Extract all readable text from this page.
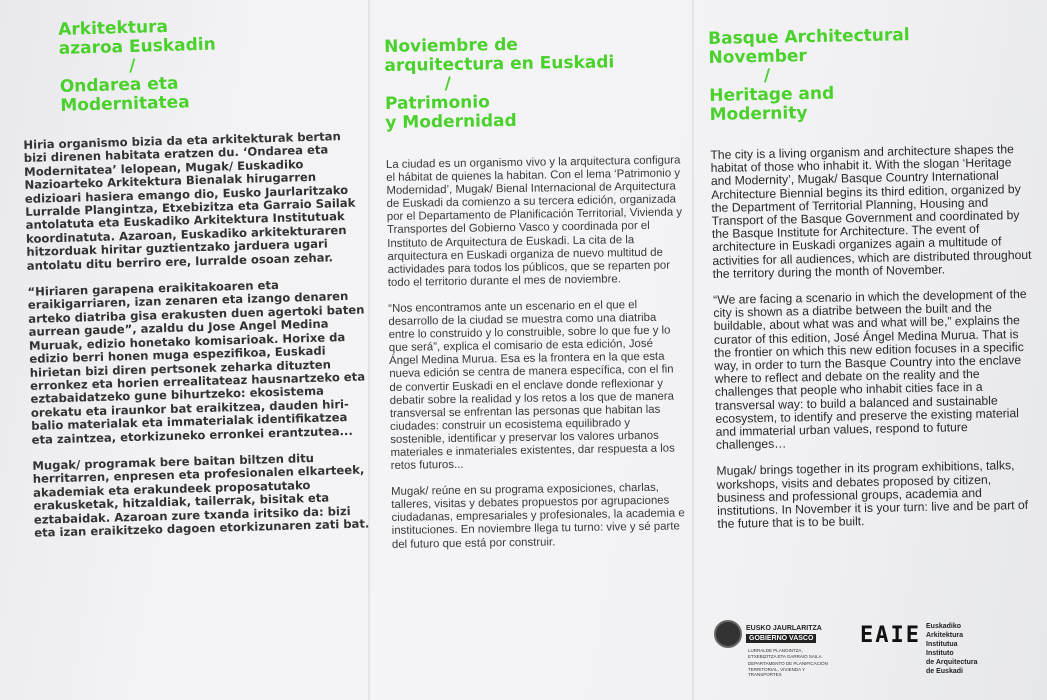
Arkitektura
azaroa Euskadin
/
Ondarea eta
Modernitatea

Hiria organismo bizia da eta arkitekturak bertan bizi direnen habitata eratzen du. ‘Ondarea eta Modernitatea’ lelopean, Mugak/ Euskadiko Nazioarteko Arkitektura Bienalak hirugarren edizioari hasiera emango dio, Eusko Jaurlaritzako Lurralde Plangintza, Etxebizitza eta Garraio Sailak antolatuta eta Euskadiko Arkitektura Institutuak koordinatuta. Azaroan, Euskadiko arkitekturaren hitzorduak hiritar guztientzako jarduera ugari antolatu ditu berriro ere, lurralde osoan zehar.

“Hiriaren garapena eraikitakoaren eta eraikigarriaren, izan zenaren eta izango denaren arteko diatriba gisa erakusten duen agertoki baten aurrean gaude”, azaldu du Jose Angel Medina Muruak, edizio honetako komisarioak. Horixe da edizio berri honen muga espezifikoa, Euskadi hirietan bizi diren pertsonek zeharka dituzten erronkez eta horien errealitateaz hausnartzeko eta eztabaidatzeko gune bihurtzeko: ekosistema orekatu eta iraunkor bat eraikitzea, dauden hiri-balio materialak eta immaterialak identifikatzea eta zaintzea, etorkizuneko erronkei erantzutea...

Mugak/ programak bere baitan biltzen ditu herritarren, enpresen eta profesionalen elkarteek, akademiak eta erakundeek proposatutako erakusketak, hitzaldiak, tailerrak, bisitak eta eztabaidak. Azaroan zure txanda iritsiko da: bizi eta izan eraikitzeko dagoen etorkizunaren zati bat.

Noviembre de
arquitectura en Euskadi
/
Patrimonio
y Modernidad

La ciudad es un organismo vivo y la arquitectura configura el hábitat de quienes la habitan. Con el lema ‘Patrimonio y Modernidad’, Mugak/ Bienal Internacional de Arquitectura de Euskadi da comienzo a su tercera edición, organizada por el Departamento de Planificación Territorial, Vivienda y Transportes del Gobierno Vasco y coordinada por el Instituto de Arquitectura de Euskadi. La cita de la arquitectura en Euskadi organiza de nuevo multitud de actividades para todos los públicos, que se reparten por todo el territorio durante el mes de noviembre.

“Nos encontramos ante un escenario en el que el desarrollo de la ciudad se muestra como una diatriba entre lo construido y lo construible, sobre lo que fue y lo que será”, explica el comisario de esta edición, José Ángel Medina Murua. Esa es la frontera en la que esta nueva edición se centra de manera específica, con el fin de convertir Euskadi en el enclave donde reflexionar y debatir sobre la realidad y los retos a los que de manera transversal se enfrentan las personas que habitan las ciudades: construir un ecosistema equilibrado y sostenible, identificar y preservar los valores urbanos materiales e inmateriales existentes, dar respuesta a los retos futuros...

Mugak/ reúne en su programa exposiciones, charlas, talleres, visitas y debates propuestos por agrupaciones ciudadanas, empresariales y profesionales, la academia e instituciones. En noviembre llega tu turno: vive y sé parte del futuro que está por construir.

Basque Architectural
November
/
Heritage and
Modernity

The city is a living organism and architecture shapes the habitat of those who inhabit it. With the slogan ‘Heritage and Modernity’, Mugak/ Basque Country International Architecture Biennial begins its third edition, organized by the Department of Territorial Planning, Housing and Transport of the Basque Government and coordinated by the Basque Institute for Architecture. The event of architecture in Euskadi organizes again a multitude of activities for all audiences, which are distributed throughout the territory during the month of November.

“We are facing a scenario in which the development of the city is shown as a diatribe between the built and the buildable, about what was and what will be,” explains the curator of this edition, José Ángel Medina Murua. That is the frontier on which this new edition focuses in a specific way, in order to turn the Basque Country into the enclave where to reflect and debate on the reality and the challenges that people who inhabit cities face in a transversal way: to build a balanced and sustainable ecosystem, to identify and preserve the existing material and immaterial urban values, respond to future challenges…

Mugak/ brings together in its program exhibitions, talks, workshops, visits and debates proposed by citizen, business and professional groups, academia and institutions. In November it is your turn: live and be part of the future that is to be built.

EUSKO JAURLARITZA
GOBIERNO VASCO
LURRALDE PLANGINTZA, ETXEBIZITZA ETA GARRAIO SAILA
DEPARTAMENTO DE PLANIFICACIÓN TERRITORIAL, VIVIENDA Y TRANSPORTES
EAIE Euskadiko
Arkitektura
Institutua
Instituto
de Arquitectura
de Euskadi
